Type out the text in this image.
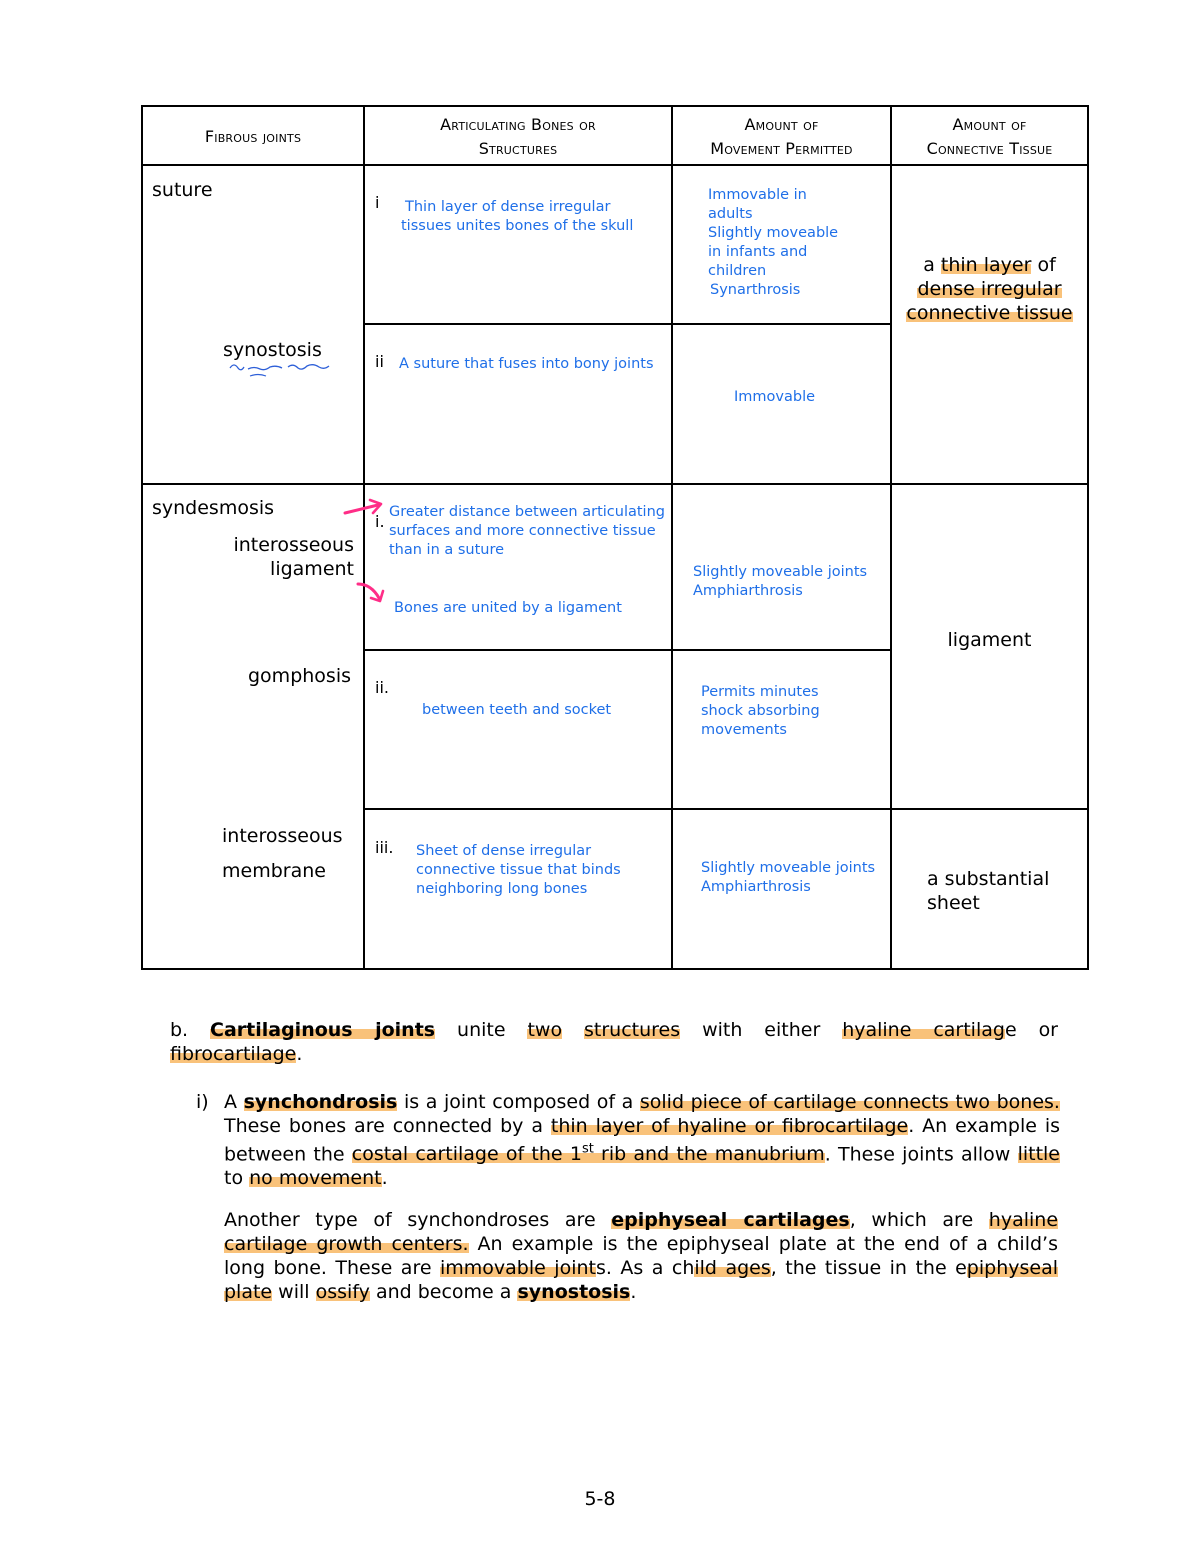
Fibrous joints
Articulating Bones or
Structures
Amount of
Movement Permitted
Amount of
Connective Tissue
suture
synostosis
syndesmosis
interosseous
ligament
gomphosis
interosseous
membrane
i
ii
i.
ii.
iii.
Thin layer of dense irregular
tissues unites bones of the skull
A suture that fuses into bony joints
Greater distance between articulating
surfaces and more connective tissue
than in a suture
Bones are united by a ligament
between teeth and socket
Sheet of dense irregular
connective tissue that binds
neighboring long bones
Immovable in
adults
Slightly moveable
in infants and
children
Synarthrosis
Immovable
Slightly moveable joints
Amphiarthrosis
Permits minutes
shock absorbing
movements
Slightly moveable joints
Amphiarthrosis
a thin layer of
dense irregular
connective tissue
ligament
a substantial
sheet
b. Cartilaginous joints unite two structures with either hyaline cartilage or
fibrocartilage.
i) A synchondrosis is a joint composed of a solid piece of cartilage connects two bones.
These bones are connected by a thin layer of hyaline or fibrocartilage. An example is
between the costal cartilage of the 1st rib and the manubrium. These joints allow little
to no movement.
Another type of synchondroses are epiphyseal cartilages, which are hyaline
cartilage growth centers. An example is the epiphyseal plate at the end of a child’s
long bone. These are immovable joints. As a child ages, the tissue in the epiphyseal
plate will ossify and become a synostosis.
5-8
